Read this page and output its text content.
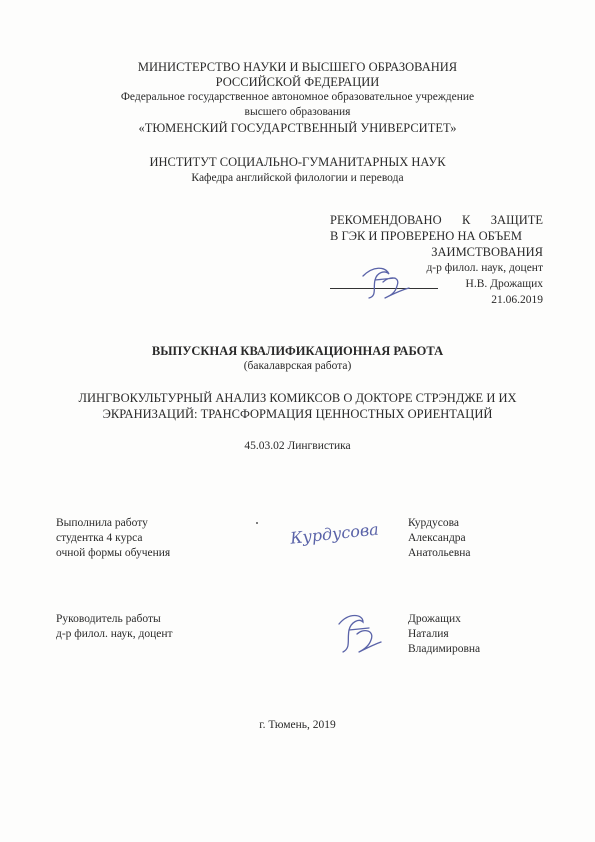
МИНИСТЕРСТВО НАУКИ И ВЫСШЕГО ОБРАЗОВАНИЯ
РОССИЙСКОЙ ФЕДЕРАЦИИ
Федеральное государственное автономное образовательное учреждение
высшего образования
«ТЮМЕНСКИЙ ГОСУДАРСТВЕННЫЙ УНИВЕРСИТЕТ»
ИНСТИТУТ СОЦИАЛЬНО-ГУМАНИТАРНЫХ НАУК
Кафедра английской филологии и перевода
РЕКОМЕНДОВАНО К ЗАЩИТЕ
В ГЭК И ПРОВЕРЕНО НА ОБЪЕМ
ЗАИМСТВОВАНИЯ
д-р филол. наук, доцент
Н.В. Дрожащих
21.06.2019
ВЫПУСКНАЯ КВАЛИФИКАЦИОННАЯ РАБОТА
(бакалаврская работа)
ЛИНГВОКУЛЬТУРНЫЙ АНАЛИЗ КОМИКСОВ О ДОКТОРЕ СТРЭНДЖЕ И ИХ
ЭКРАНИЗАЦИЙ: ТРАНСФОРМАЦИЯ ЦЕННОСТНЫХ ОРИЕНТАЦИЙ
45.03.02 Лингвистика
Выполнила работу
студентка 4 курса
очной формы обучения
Курдусова Курдусова
Александра
Анатольевна
Руководитель работы
д-р филол. наук, доцент
Дрожащих
Наталия
Владимировна
г. Тюмень, 2019
